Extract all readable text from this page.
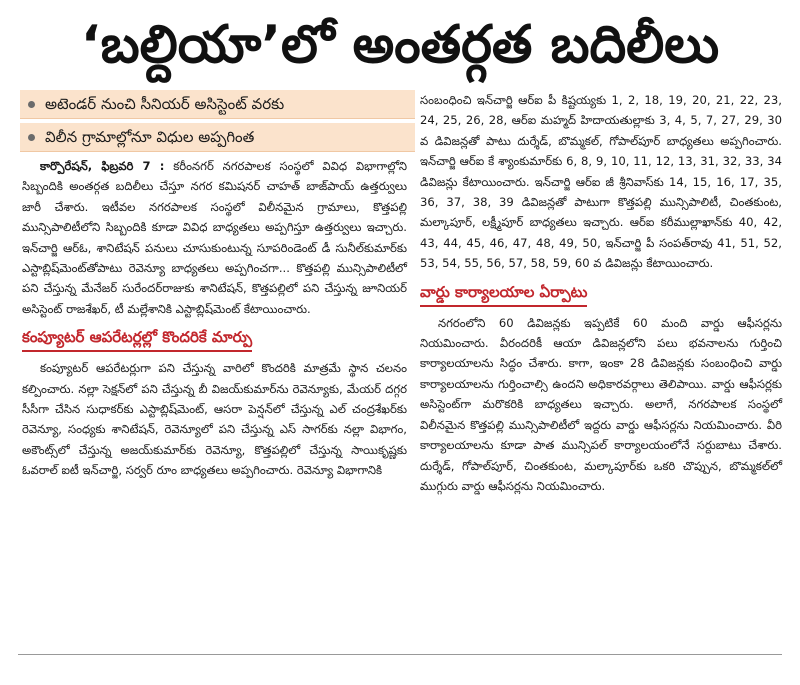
‘బల్దియా’లో అంతర్గత బదిలీలు
అటెండర్ నుంచి సీనియర్ అసిస్టెంట్ వరకు
విలీన గ్రామాల్లోనూ విధుల అప్పగింత

కార్పొరేషన్, ఫిబ్రవరి 7 : కరీంనగర్ నగరపాలక సంస్థలో వివిధ విభాగాల్లోని సిబ్బందికి అంతర్గత బదిలీలు చేస్తూ నగర కమిషనర్ చాహత్ బాజ్‌పాయ్ ఉత్తర్వులు జారీ చేశారు. ఇటీవల నగరపాలక సంస్థలో విలీనమైన గ్రామాలు, కొత్తపల్లి మున్సిపాలిటీలోని సిబ్బందికి కూడా వివిధ బాధ్యతలు అప్పగిస్తూ ఉత్తర్వులు ఇచ్చారు. ఇన్‌చార్జి ఆర్‌ఓ, శానిటేషన్ పనులు చూసుకుంటున్న సూపరిండెంట్ డీ సునీల్‌కుమార్‌కు ఎస్టాబ్లిష్‌మెంట్‌తోపాటు రెవెన్యూ బాధ్యతలు అప్పగించగా... కొత్తపల్లి మున్సిపాలిటీలో పని చేస్తున్న మేనేజర్ సురేందర్‌రాజుకు శానిటేషన్, కొత్తపల్లిలో పని చేస్తున్న జూనియర్ అసిస్టెంట్ రాజశేఖర్, టీ మల్లేశానికి ఎస్టాబ్లిష్‌మెంట్ కేటాయించారు.

కంప్యూటర్ ఆపరేటర్లల్లో కొందరికే మార్పు

కంప్యూటర్ ఆపరేటర్లుగా పని చేస్తున్న వారిలో కొందరికి మాత్రమే స్థాన చలనం కల్పించారు. నల్లా సెక్షన్‌లో పని చేస్తున్న బీ విజయ్‌కుమార్‌ను రెవెన్యూకు, మేయర్ దగ్గర సీసీగా చేసిన సుధాకర్‌కు ఎస్టాబ్లిష్‌మెంట్, ఆసరా పెన్షన్‌లో చేస్తున్న ఎల్ చంద్రశేఖర్‌కు రెవెన్యూ, సంధ్యకు శానిటేషన్, రెవెన్యూలో పని చేస్తున్న ఎస్ సాగర్‌కు నల్లా విభాగం, అకౌంట్స్‌లో చేస్తున్న అజయ్‌కుమార్‌కు రెవెన్యూ, కొత్తపల్లిలో చేస్తున్న సాయికృష్ణకు ఓవరాల్ ఐటీ ఇన్‌చార్జి, సర్వర్ రూం బాధ్యతలు అప్పగించారు. రెవెన్యూ విభాగానికి

సంబంధించి ఇన్‌చార్జి ఆర్‌ఐ పీ కిష్టయ్యకు 1, 2, 18, 19, 20, 21, 22, 23, 24, 25, 26, 28, ఆర్‌ఐ మహ్మద్ హిదాయతుల్లాకు 3, 4, 5, 7, 27, 29, 30 వ డివిజన్లతో పాటు దుర్శేడ్, బొమ్మకల్, గోపాల్‌పూర్ బాధ్యతలు అప్పగించారు. ఇన్‌చార్జి ఆర్‌ఐ కే శ్యాంకుమార్‌కు 6, 8, 9, 10, 11, 12, 13, 31, 32, 33, 34 డివిజన్లు కేటాయించారు. ఇన్‌చార్జి ఆర్‌ఐ జీ శ్రీనివాస్‌కు 14, 15, 16, 17, 35, 36, 37, 38, 39 డివిజన్లతో పాటుగా కొత్తపల్లి మున్సిపాలిటీ, చింతకుంట, మల్కాపూర్, లక్ష్మీపూర్ బాధ్యతలు ఇచ్చారు. ఆర్‌ఐ కరీముల్లాఖాన్‌కు 40, 42, 43, 44, 45, 46, 47, 48, 49, 50, ఇన్‌చార్జి పీ సంపత్‌రావు 41, 51, 52, 53, 54, 55, 56, 57, 58, 59, 60 వ డివిజన్లు కేటాయించారు.

వార్డు కార్యాలయాల ఏర్పాటు

నగరంలోని 60 డివిజన్లకు ఇప్పటికే 60 మంది వార్డు ఆఫీసర్లను నియమించారు. వీరందరికీ ఆయా డివిజన్లలోని పలు భవనాలను గుర్తించి కార్యాలయాలను సిద్ధం చేశారు. కాగా, ఇంకా 28 డివిజన్లకు సంబంధించి వార్డు కార్యాలయాలను గుర్తించాల్సి ఉందని అధికారవర్గాలు తెలిపాయి. వార్డు ఆఫీసర్లకు అసిస్టెంట్‌గా మరొకరికి బాధ్యతలు ఇచ్చారు. అలాగే, నగరపాలక సంస్థలో విలీనమైన కొత్తపల్లి మున్సిపాలిటీలో ఇద్దరు వార్డు ఆఫీసర్లను నియమించారు. వీరి కార్యాలయాలను కూడా పాత మున్సిపల్ కార్యాలయంలోనే సర్దుబాటు చేశారు. దుర్శేడ్, గోపాల్‌పూర్, చింతకుంట, మల్కాపూర్‌కు ఒకరి చొప్పున, బొమ్మకల్‌లో ముగ్గురు వార్డు ఆఫీసర్లను నియమించారు.
